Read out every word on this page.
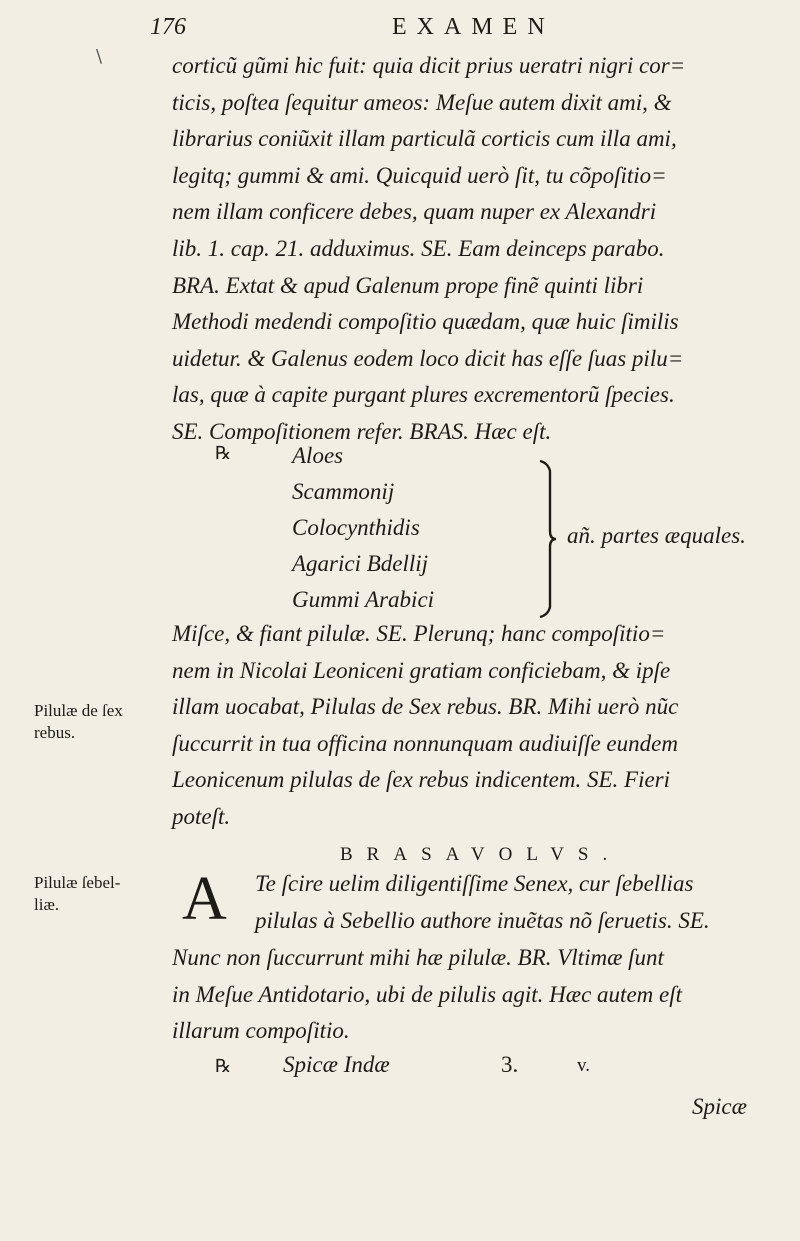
176	EXAMEN
\	corticũ gũmi hic fuit: quia dicit prius ueratri nigri cor=
ticis, poſtea ſequitur ameos: Meſue autem dixit ami, &
librarius coniũxit illam particulã corticis cum illa ami,
legitq; gummi & ami. Quicquid uerò ſit, tu cõpoſitio=
nem illam conficere debes, quam nuper ex Alexandri
lib. 1. cap. 21. adduximus. SE. Eam deinceps parabo.
BRA. Extat & apud Galenum prope finẽ quinti libri
Methodi medendi compoſitio quædam, quæ huic ſimilis
uidetur. & Galenus eodem loco dicit has eſſe ſuas pilu=
las, quæ à capite purgant plures excrementorũ ſpecies.
SE. Compoſitionem refer. BRAS. Hæc eſt.
℞	Aloes
Scammonij
Colocynthidis
Agarici Bdellij
Gummi Arabici
añ. partes æquales.
Miſce, & fiant pilulæ. SE. Plerunq; hanc compoſitio=
nem in Nicolai Leoniceni gratiam conficiebam, & ipſe
illam uocabat, Pilulas de Sex rebus. BR. Mihi uerò nũc
ſuccurrit in tua officina nonnunquam audiuiſſe eundem
Leonicenum pilulas de ſex rebus indicentem. SE. Fieri
poteſt.
Pilulæ de ſex
rebus.
Pilulæ ſebel-
liæ.
BRASAVOLVS.
A Te ſcire uelim diligentiſſime Senex, cur ſebellias
pilulas à Sebellio authore inuẽtas nõ ſeruetis. SE.
Nunc non ſuccurrunt mihi hæ pilulæ. BR. Vltimæ ſunt
in Meſue Antidotario, ubi de pilulis agit. Hæc autem eſt
illarum compoſitio.
℞ Spicæ Indæ	3.	v.
Spicæ
